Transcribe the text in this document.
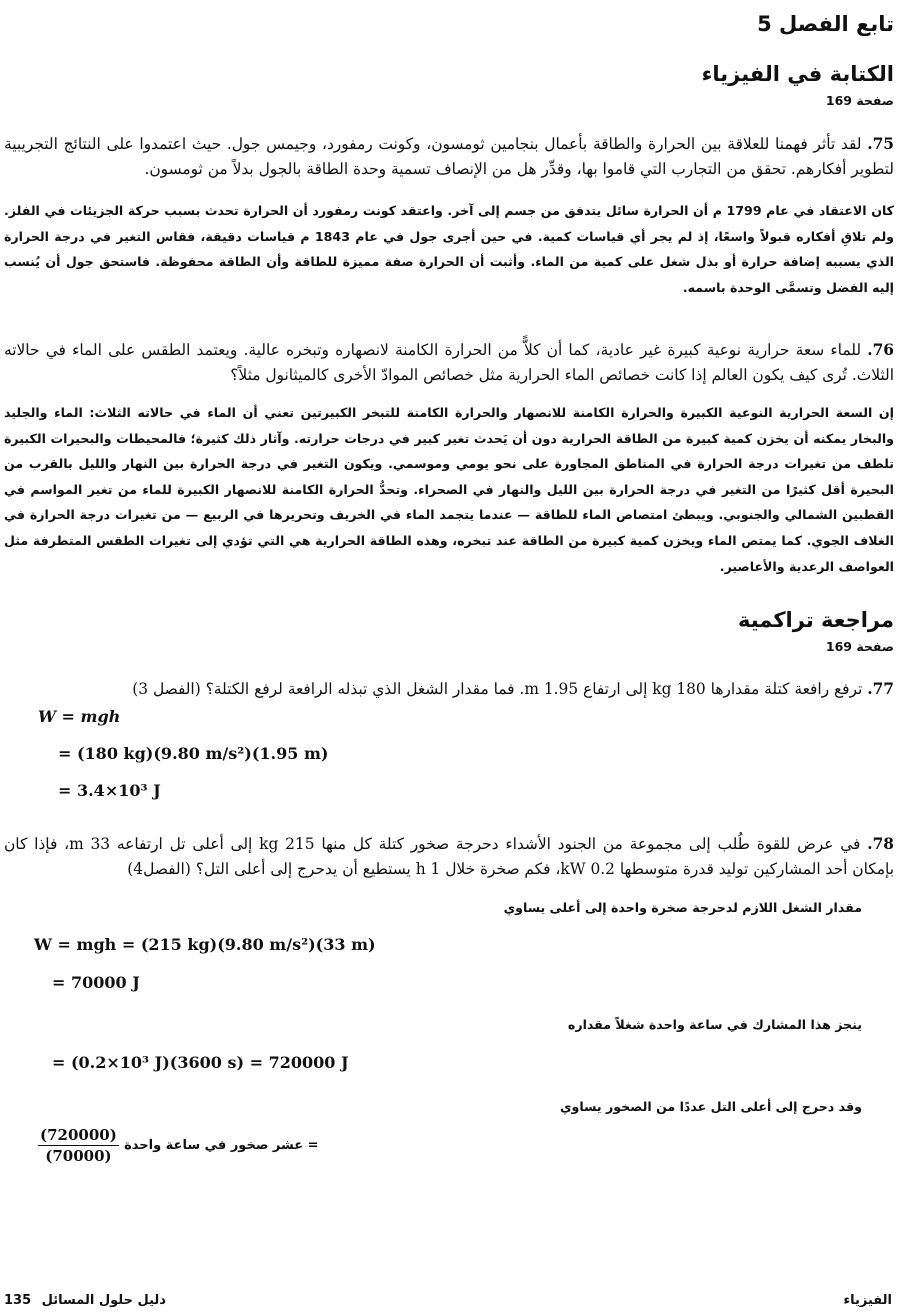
تابع الفصل 5
الكتابة في الفيزياء
صفحة 169
75. لقد تأثر فهمنا للعلاقة بين الحرارة والطاقة بأعمال بنجامين ثومسون، وكونت رمفورد، وجيمس جول. حيث اعتمدوا على النتائج التجريبية لتطوير أفكارهم. تحقق من التجارب التي قاموا بها، وقدِّر هل من الإنصاف تسمية وحدة الطاقة بالجول بدلاً من ثومسون.
كان الاعتقاد في عام 1799 م أن الحرارة سائل يتدفق من جسم إلى آخر. واعتقد كونت رمفورد أن الحرارة تحدث بسبب حركة الجزيئات في الفلز. ولم تلاقِ أفكاره قبولاً واسعًا، إذ لم يجر أي قياسات كمية. في حين أجرى جول في عام 1843 م قياسات دقيقة، فقاس التغير في درجة الحرارة الذي يسببه إضافة حرارة أو بذل شغل على كمية من الماء. وأثبت أن الحرارة صفة مميزة للطاقة وأن الطاقة محفوظة. فاستحق جول أن يُنسب إليه الفضل وتسمَّى الوحدة باسمه.
76. للماء سعة حرارية نوعية كبيرة غير عادية، كما أن كلاًّ من الحرارة الكامنة لانصهاره وتبخره عالية. ويعتمد الطقس على الماء في حالاته الثلاث. تُرى كيف يكون العالم إذا كانت خصائص الماء الحرارية مثل خصائص الموادّ الأخرى كالميثانول مثلاً؟
إن السعة الحرارية النوعية الكبيرة والحرارة الكامنة للانصهار والحرارة الكامنة للتبخر الكبيرتين تعني أن الماء في حالاته الثلاث: الماء والجليد والبخار يمكنه أن يخزن كمية كبيرة من الطاقة الحرارية دون أن يَحدث تغير كبير في درجات حرارته. وآثار ذلك كثيرة؛ فالمحيطات والبحيرات الكبيرة تلطف من تغيرات درجة الحرارة في المناطق المجاورة على نحو يومي وموسمي. ويكون التغير في درجة الحرارة بين النهار والليل بالقرب من البحيرة أقل كثيرًا من التغير في درجة الحرارة بين الليل والنهار في الصحراء. وتحدُّ الحرارة الكامنة للانصهار الكبيرة للماء من تغير المواسم في القطبين الشمالي والجنوبي. ويبطئ امتصاص الماء للطاقة — عندما يتجمد الماء في الخريف وتحريرها في الربيع — من تغيرات درجة الحرارة في الغلاف الجوي. كما يمتص الماء ويخزن كمية كبيرة من الطاقة عند تبخره، وهذه الطاقة الحرارية هي التي تؤدي إلى تغيرات الطقس المتطرفة مثل العواصف الرعدية والأعاصير.
مراجعة تراكمية
صفحة 169
77. ترفع رافعة كتلة مقدارها 180 kg إلى ارتفاع 1.95 m. فما مقدار الشغل الذي تبذله الرافعة لرفع الكتلة؟ (الفصل 3)
W = mgh
= (180 kg)(9.80 m/s²)(1.95 m)
= 3.4×10³ J
78. في عرض للقوة طُلب إلى مجموعة من الجنود الأشداء دحرجة صخور كتلة كل منها 215 kg إلى أعلى تل ارتفاعه 33 m، فإذا كان بإمكان أحد المشاركين توليد قدرة متوسطها 0.2 kW، فكم صخرة خلال 1 h يستطيع أن يدحرج إلى أعلى التل؟ (الفصل4)
مقدار الشغل اللازم لدحرجة صخرة واحدة إلى أعلى يساوي
W = mgh = (215 kg)(9.80 m/s²)(33 m)
= 70000 J
ينجز هذا المشارك في ساعة واحدة شغلاً مقداره
= (0.2×10³ J)(3600 s) = 720000 J
وقد دحرج إلى أعلى التل عددًا من الصخور يساوي
$\frac{(720000)}{(70000)}$ = عشر صخور في ساعة واحدة
135 دليل حلول المسائل	الفيزياء
